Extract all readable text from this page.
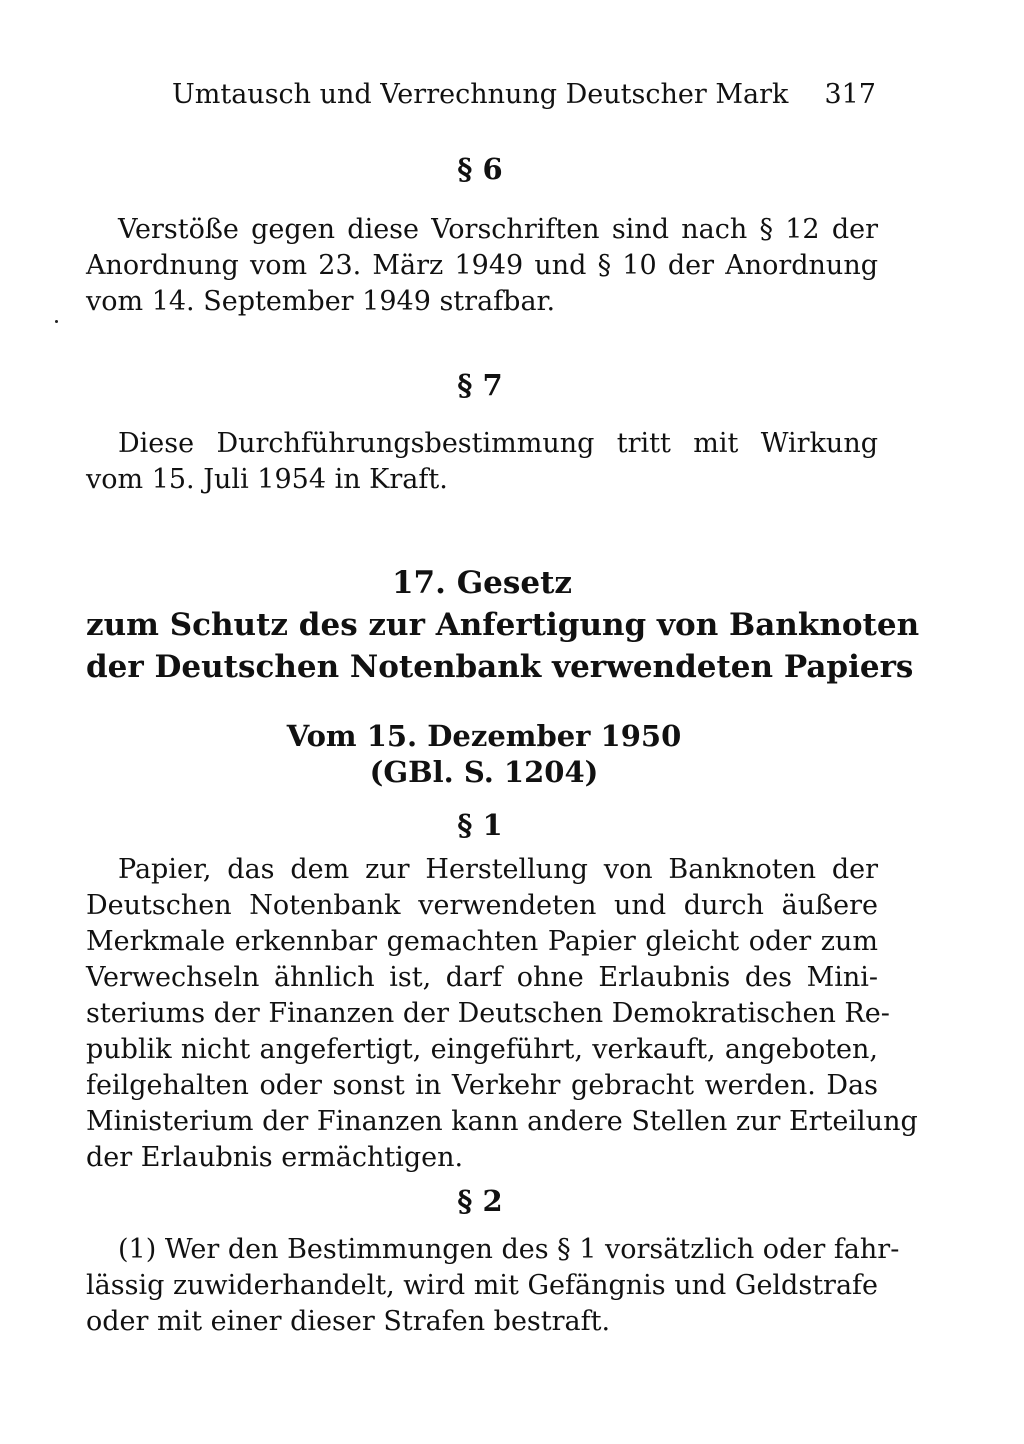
Umtausch und Verrechnung Deutscher Mark 317
§ 6
Verstöße gegen diese Vorschriften sind nach § 12 der
Anordnung vom 23. März 1949 und § 10 der Anordnung
vom 14. September 1949 strafbar.
§ 7
Diese Durchführungsbestimmung tritt mit Wirkung
vom 15. Juli 1954 in Kraft.
17. Gesetz
zum Schutz des zur Anfertigung von Banknoten
der Deutschen Notenbank verwendeten Papiers
Vom 15. Dezember 1950
(GBl. S. 1204)
§ 1
Papier, das dem zur Herstellung von Banknoten der
Deutschen Notenbank verwendeten und durch äußere
Merkmale erkennbar gemachten Papier gleicht oder zum
Verwechseln ähnlich ist, darf ohne Erlaubnis des Mini-
steriums der Finanzen der Deutschen Demokratischen Re-
publik nicht angefertigt, eingeführt, verkauft, angeboten,
feilgehalten oder sonst in Verkehr gebracht werden. Das
Ministerium der Finanzen kann andere Stellen zur Erteilung
der Erlaubnis ermächtigen.
§ 2
(1) Wer den Bestimmungen des § 1 vorsätzlich oder fahr-
lässig zuwiderhandelt, wird mit Gefängnis und Geldstrafe
oder mit einer dieser Strafen bestraft.
